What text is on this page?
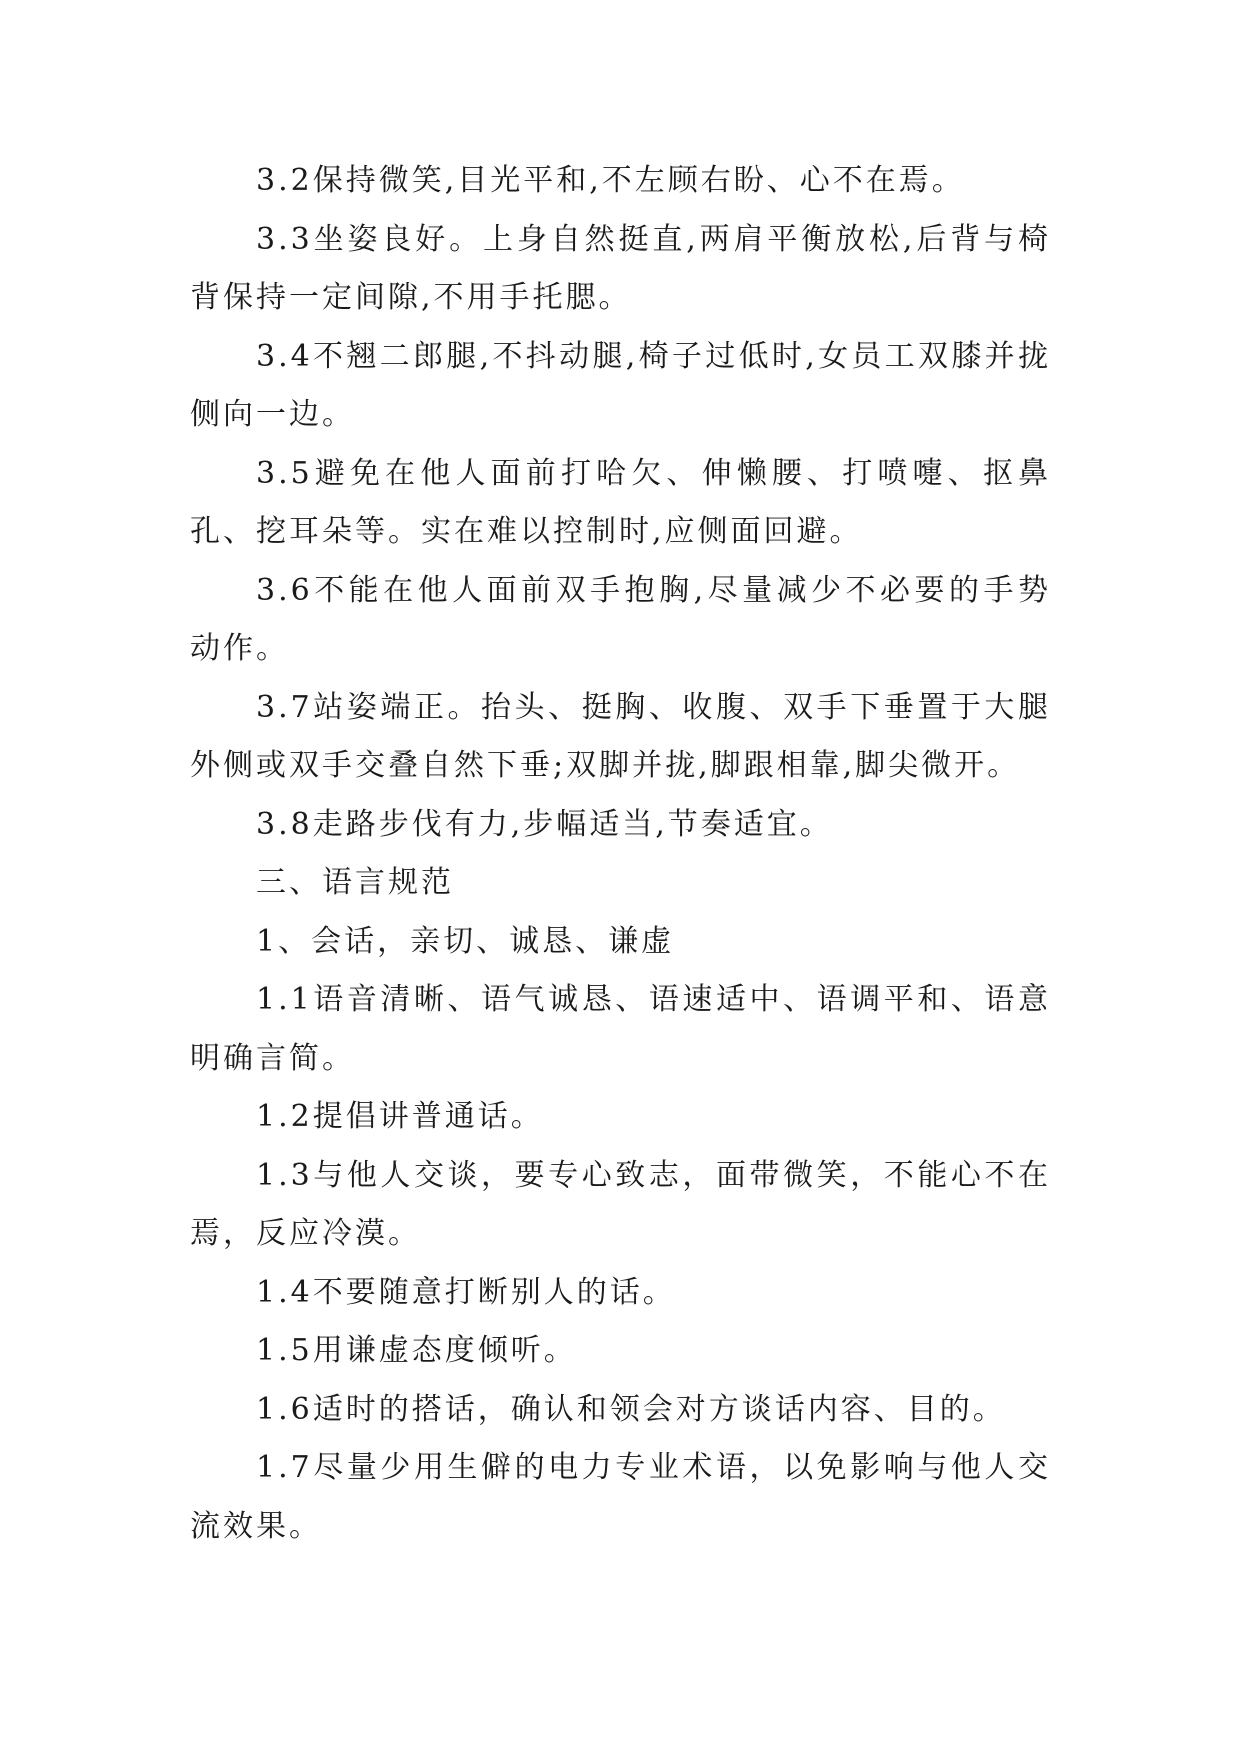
3.2保持微笑,目光平和,不左顾右盼、心不在焉。

3.3坐姿良好。上身自然挺直,两肩平衡放松,后背与椅背保持一定间隙,不用手托腮。

3.4不翘二郎腿,不抖动腿,椅子过低时,女员工双膝并拢侧向一边。

3.5避免在他人面前打哈欠、伸懒腰、打喷嚏、抠鼻孔、挖耳朵等。实在难以控制时,应侧面回避。

3.6不能在他人面前双手抱胸,尽量减少不必要的手势动作。

3.7站姿端正。抬头、挺胸、收腹、双手下垂置于大腿外侧或双手交叠自然下垂;双脚并拢,脚跟相靠,脚尖微开。

3.8走路步伐有力,步幅适当,节奏适宜。

三、语言规范

1、会话，亲切、诚恳、谦虚

1.1语音清晰、语气诚恳、语速适中、语调平和、语意明确言简。

1.2提倡讲普通话。

1.3与他人交谈，要专心致志，面带微笑，不能心不在焉，反应冷漠。

1.4不要随意打断别人的话。

1.5用谦虚态度倾听。

1.6适时的搭话，确认和领会对方谈话内容、目的。

1.7尽量少用生僻的电力专业术语，以免影响与他人交流效果。
